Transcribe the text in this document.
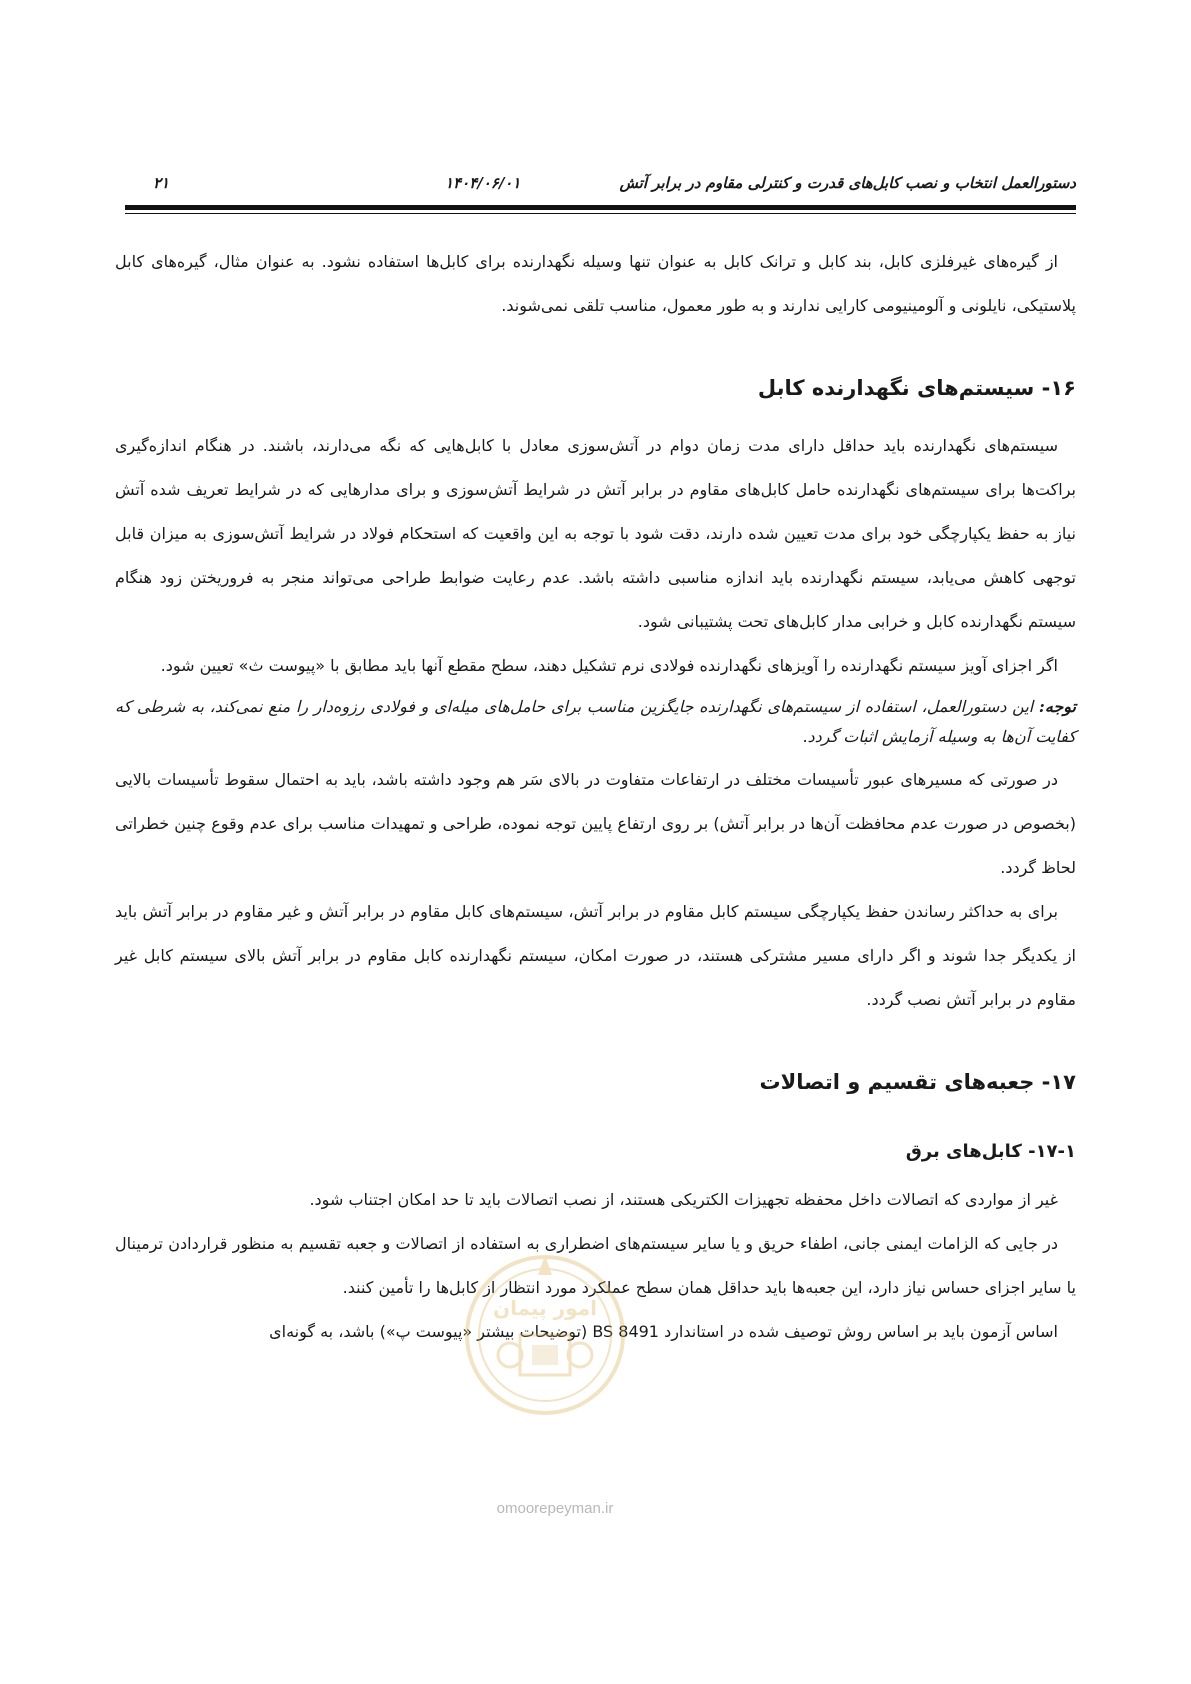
دستورالعمل انتخاب و نصب کابل‌های قدرت و کنترلی مقاوم در برابر آتش
۱۴۰۴/۰۶/۰۱
۲۱

از گیره‌های غیرفلزی کابل، بند کابل و ترانک کابل به عنوان تنها وسیله نگهدارنده برای کابل‌ها استفاده نشود. به عنوان مثال، گیره‌های کابل پلاستیکی، نایلونی و آلومینیومی کارایی ندارند و به طور معمول، مناسب تلقی نمی‌شوند.

۱۶- سیستم‌های نگهدارنده کابل

سیستم‌های نگهدارنده باید حداقل دارای مدت زمان دوام در آتش‌سوزی معادل با کابل‌هایی که نگه می‌دارند، باشند. در هنگام اندازه‌گیری براکت‌ها برای سیستم‌های نگهدارنده حامل کابل‌های مقاوم در برابر آتش در شرایط آتش‌سوزی و برای مدارهایی که در شرایط تعریف شده آتش نیاز به حفظ یکپارچگی خود برای مدت تعیین شده دارند، دقت شود با توجه به این واقعیت که استحکام فولاد در شرایط آتش‌سوزی به میزان قابل توجهی کاهش می‌یابد، سیستم نگهدارنده باید اندازه مناسبی داشته باشد. عدم رعایت ضوابط طراحی می‌تواند منجر به فروریختن زود هنگام سیستم نگهدارنده کابل و خرابی مدار کابل‌های تحت پشتیبانی شود.

اگر اجزای آویز سیستم نگهدارنده را آویزهای نگهدارنده فولادی نرم تشکیل دهند، سطح مقطع آنها باید مطابق با «پیوست ث» تعیین شود.

توجه: این دستورالعمل، استفاده از سیستم‌های نگهدارنده جایگزین مناسب برای حامل‌های میله‌ای و فولادی رزوه‌دار را منع نمی‌کند، به شرطی که کفایت آن‌ها به وسیله آزمایش اثبات گردد.

در صورتی که مسیرهای عبور تأسیسات مختلف در ارتفاعات متفاوت در بالای سَر هم وجود داشته باشد، باید به احتمال سقوط تأسیسات بالایی (بخصوص در صورت عدم محافظت آن‌ها در برابر آتش) بر روی ارتفاع پایین توجه نموده، طراحی و تمهیدات مناسب برای عدم وقوع چنین خطراتی لحاظ گردد.

برای به حداکثر رساندن حفظ یکپارچگی سیستم کابل مقاوم در برابر آتش، سیستم‌های کابل مقاوم در برابر آتش و غیر مقاوم در برابر آتش باید از یکدیگر جدا شوند و اگر دارای مسیر مشترکی هستند، در صورت امکان، سیستم نگهدارنده کابل مقاوم در برابر آتش بالای سیستم کابل غیر مقاوم در برابر آتش نصب گردد.

۱۷- جعبه‌های تقسیم و اتصالات
۱۷-۱- کابل‌های برق

غیر از مواردی که اتصالات داخل محفظه تجهیزات الکتریکی هستند، از نصب اتصالات باید تا حد امکان اجتناب شود.

در جایی که الزامات ایمنی جانی، اطفاء حریق و یا سایر سیستم‌های اضطراری به استفاده از اتصالات و جعبه تقسیم به منظور قراردادن ترمینال یا سایر اجزای حساس نیاز دارد، این جعبه‌ها باید حداقل همان سطح عملکرد مورد انتظار از کابل‌ها را تأمین کنند.

اساس آزمون باید بر اساس روش توصیف شده در استاندارد BS 8491 (توضیحات بیشتر «پیوست پ») باشد، به گونه‌ای

امور پیمان
omoorepeyman.ir
